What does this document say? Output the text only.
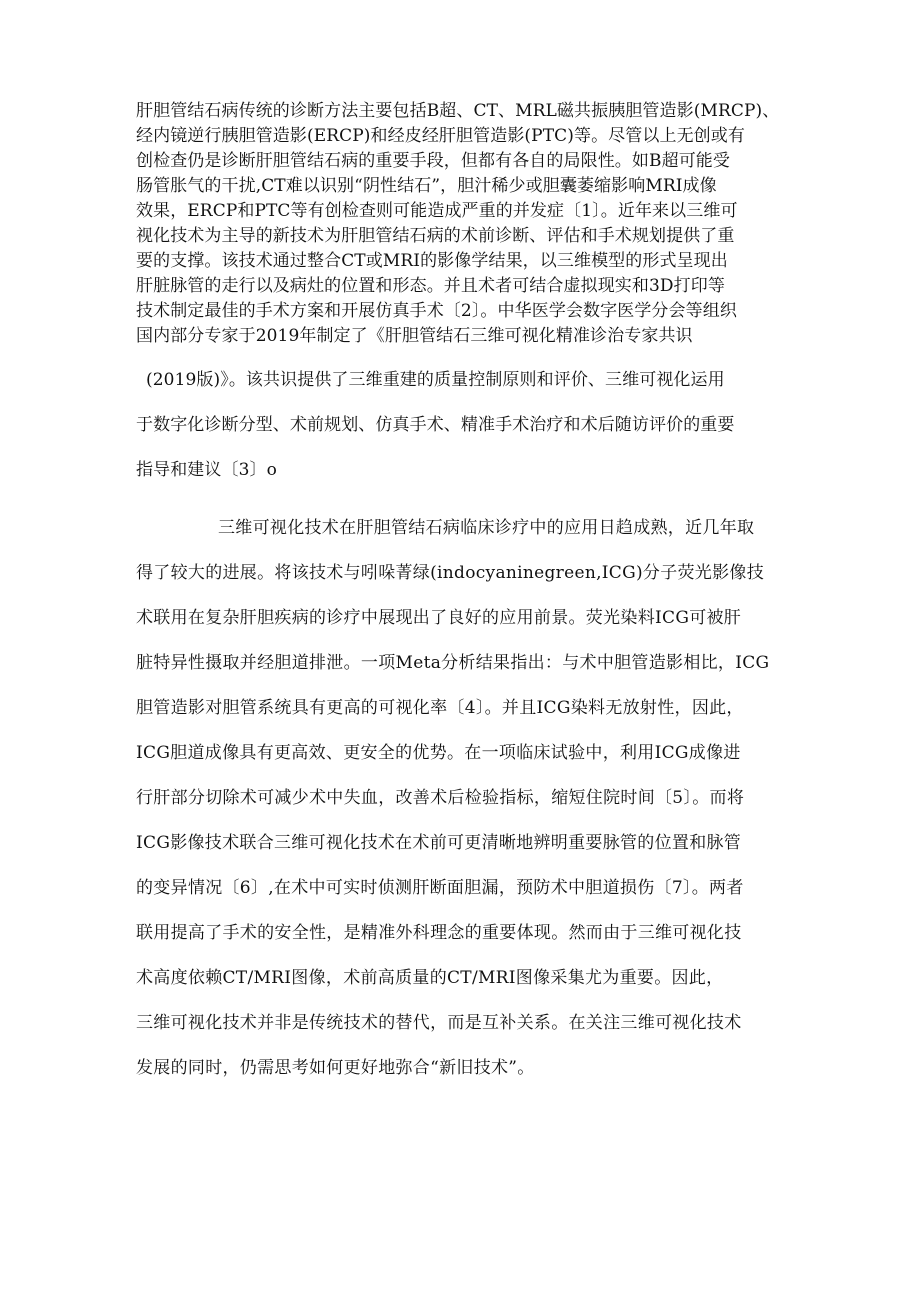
肝胆管结石病传统的诊断方法主要包括B超、CT、MRL磁共振胰胆管造影(MRCP)、
经内镜逆行胰胆管造影(ERCP)和经皮经肝胆管造影(PTC)等。尽管以上无创或有
创检查仍是诊断肝胆管结石病的重要手段，但都有各自的局限性。如B超可能受
肠管胀气的干扰,CT难以识别“阴性结石”，胆汁稀少或胆囊萎缩影响MRI成像
效果，ERCP和PTC等有创检查则可能造成严重的并发症〔1〕。近年来以三维可
视化技术为主导的新技术为肝胆管结石病的术前诊断、评估和手术规划提供了重
要的支撑。该技术通过整合CT或MRI的影像学结果，以三维模型的形式呈现出
肝脏脉管的走行以及病灶的位置和形态。并且术者可结合虚拟现实和3D打印等
技术制定最佳的手术方案和开展仿真手术〔2〕。中华医学会数字医学分会等组织
国内部分专家于2019年制定了《肝胆管结石三维可视化精准诊治专家共识
(2019版)》。该共识提供了三维重建的质量控制原则和评价、三维可视化运用
于数字化诊断分型、术前规划、仿真手术、精准手术治疗和术后随访评价的重要
指导和建议〔3〕o
三维可视化技术在肝胆管结石病临床诊疗中的应用日趋成熟，近几年取
得了较大的进展。将该技术与吲哚菁绿(indocyaninegreen,ICG)分子荧光影像技
术联用在复杂肝胆疾病的诊疗中展现出了良好的应用前景。荧光染料ICG可被肝
脏特异性摄取并经胆道排泄。一项Meta分析结果指出：与术中胆管造影相比，ICG
胆管造影对胆管系统具有更高的可视化率〔4〕。并且ICG染料无放射性，因此，
ICG胆道成像具有更高效、更安全的优势。在一项临床试验中，利用ICG成像进
行肝部分切除术可减少术中失血，改善术后检验指标，缩短住院时间〔5〕。而将
ICG影像技术联合三维可视化技术在术前可更清晰地辨明重要脉管的位置和脉管
的变异情况〔6〕,在术中可实时侦测肝断面胆漏，预防术中胆道损伤〔7〕。两者
联用提高了手术的安全性，是精准外科理念的重要体现。然而由于三维可视化技
术高度依赖CT/MRI图像，术前高质量的CT/MRI图像采集尤为重要。因此，
三维可视化技术并非是传统技术的替代，而是互补关系。在关注三维可视化技术
发展的同时，仍需思考如何更好地弥合“新旧技术”。
